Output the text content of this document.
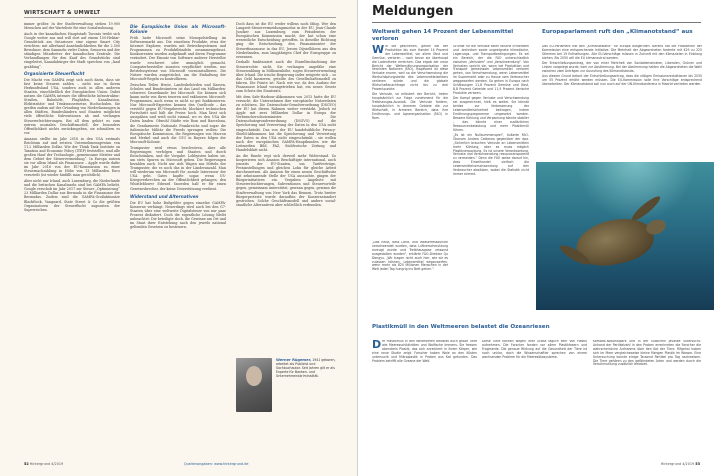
WIRTSCHAFT & UMWELT

immer größer. In der Stadtverwaltung stehen 19.900 Menschen auf der Warteliste für eine Sozialwohnung.

Auch in der kanadischen Hauptstadt Toronto treibt sich Google weiter aus und will dort auf einem 150-Hektar-Grundstück am Ontariosee eine eigene Smart City errichten: mit allerhand Annehmlichkeiten für die 2.500 Bewohner, dem Sammeln vieler Daten, Sensoren und der ständigen Mitarbeiter der kanadischen Zentrale. Die Verhandlungen für den Kauf des Grundstücks sind eingeleitet, Kanadabürger der Stadt sprechen von „land grabbing“.

Organisierte Steuerflucht

Die Macht von GAMFA zeigt sich auch darin, dass sie fast keine Steuern zahlen – nicht nur in ihrem Herkunftsland USA, sondern auch in allen anderen Staaten, einschließlich der Europäischen Union. Dabei nutzen die GAMFA intensiv die öffentliche Infrastruktur: Straßen, Bahnhöfe, Flughäfen, Kanalisation, Elektrizitäts- und Trinkwassernetze, Hochschulen. Sie greifen zudem auf der Gründung von Niederlassungen in allen Städten, Bundesländern und Staaten möglichst viele öffentliche Subventionen ab und verlangen Steuererleichterungen. Bei all dem gehört es zum extrem asozialen Geschäftsmodell, der besonders Öffentlichkeit nichts zurückzugeben, sie schmälern es vor.

Amazon stellte im Jahr 2018 in den USA erstmals Reichtum auf und setzten Unternehmensgewinn von 11,2 Milliarden Dollar. Wie der Think Tank Institute on Taxation and Economic Policy (ITEP) feststellte, sind alle großen Hauf der Technologie „gemeinsame Meister und dem Gebiet der Steuervermeidung“. In Europa nutzen sie vor allem Irland als Finanzoase – Apple wurde dafür im Jahr 2016 von der EU-Kommission zu einer Steuernachzahlung in Höhe von 13 Milliarden Euro verurteilt (ist wieder hinfällt man gerichtlich).

Aber nicht nur Irland, auch Luxemburg, die Niederlande und die britischen Kanalinseln sind bei GAMFA beliebt. Google verschob im Jahr 2017 zur Steuer „Optimierung“ 23 Milliarden Dollar aus Bermuda in die Finanzoase der Bermudas. Zudem sind die GAMFA-Großaktionäre BlackRock, Vanguard, State Street & Co die größten Organisatoren der Steuerflucht zugunsten der Superreichen.

Die Europäische Union als Microsoft-Kolonie

Früh hatte Microsoft seine Monopolstellung im Softwaremarkt aus. Die einzelnen Produkte, etwa der Internet Explorer, wurden mit Betriebssystemen und Programmen zu Produktbündeln zusammengefasst. Konkurrenten wurden aufgekauft und deren Programme verändert. Der Einsatz von Software anderer Hersteller wurde erschwert oder unmöglich gemacht. Computerhersteller mussten verpflichtet werden, nur Betriebssysteme von Microsoft vorzuinstallieren. Die Nutzer wurden ausgetrickst, um die Einhaltung der Microsoft-Regeln zu kontrollieren.

Zwischen Teilen Heute, Landesbehörden und Kassen, Schulen und Bundesämtern ist das Land ein Milliarden-schweres Dauerkunde bei Microsoft. Sie können sich kaum mehr von ihren teueren und exklusiven Microsoft-Programmen, auch wenn es nicht so gut funktionieren. Nur Microsoft-Experten kennen den Quellcode – das verstößt gegen EU-Vergaberecht, blockiert technischen Fortschritt und hält die Preise hoch. Man lässt sich ausspähen und weiß nicht einmal, wo es den USA die Daten landen. Obwohl Städte wie Rom und Barcelona, die Gendarmerie Nationale Frankreichs und sogar die italienische Militär die Freeds sprengen wollen: Die Europäische Kommission, die Regierungen von Macron und Merkel und auch die CSU in Bayern folgen der Microsoft-Kolonie.

Trumpuster wird etwas beschwören, aber alle Regierungen verfolgen und Staaten und durch Entschränken, und die Vorgabe. Lobbyisten haben sie, um stets Spuren zu Microsoft geben. Die Regierungen bezahlen auch. Nicht nur sieh Wagen aus Mitteln der Trumpuster, die es noch das in der Länderanzahl. Man will wiederum von Microsoft für ,soziale Interessen' der USA geht. Gates kaufte sogar, wenn US-Kriegsverbrechen an der Öffentlichkeit gelangen, den Whistleblower Edward Snowden half er für einen Gesetzesbrecher, der keine Unterstützung verdient.

Widerstand und Alternativen

Die EU hat hohe Bußgelder gegen einzelne GAMFA-Konzerne verhängt. Neuerdings wird auch bei den G7-Staaten über eine weltweite Digitalsteuer von nur paar Prozent diskutiert. Doch die eigentliche Lösung bleibt unbeachtet: Die beteiligte doch, die Gewinne am Ort und im Staat ihrer Entstehung nach den jeweils national geltenden Gesetzen zu besteuern.

Doch dass ist die EU weder willens noch fähig. Wer den Langzeit-Steuervermeidungsmodus in der EU, Jean-Claude Juncker aus Luxemburg, zum Präsidenten der Europäischen Kommission macht, der hat schon eine wesentliche Entscheidung getroffen. In dieselbe Richtung ging die Entscheidung, den Finanzminister der Steuerfinanzoase in das EU, Jeroen Dijsselbloem aus den Niederlanden, zum langjährigen Chef der Eurogruppe zu ernennen.

Deshalb funktioniert auch die Einzelbeobachtung der Steuerrechte nicht. Sie verlangen ungefähr eine Steuerzahlung in Millionenhöhe, sogen Steuerverwendung über Irland. Die irische Regierung indes weigerte sich – so das Geld kassieren, geteilte des Gesellschaftsmodell zu fahren. Die Pointe ist: Nach wie vor, da den Ausbau der Finanzoase Irland vorangetrieben hat, ein neues Gesetz zum Schutz des Staatsrats.

Mit dem Safe-Harbour-Abkommen von 2015 hatte die EU versucht, die Unternehmen ihre europäische Nutzerdaten zu schützen. Die Datenschutz-Grundverordnung (DSGVO) der EU hat diesen Rahmen weiter verstärkt. Jedoch ist Apple mit zwei Milliarden Dollar in Europa der Verbraucherschutzminister. Die Datenschutzgrundverordnung (DSGVO) auf die Speicherung und Verwertung der Daten in den USA nicht eingeschränkt. Das von der EU handelsübliche Privacy-Shield-Abkommen hat die Speicherung und Verwertung der Daten in den USA nicht eingeschränkt – sie wollen nach der europäischen GAMFA-Hauptkunden wie die Leitmedien Bild, FAZ, Süddeutsche Zeitung und Handelsblatt nicht.

An die Runde regt sich derweil mehr Widerstand. So kooperieren sich Amazon Beschäftigte international, auch jenseits der EU-Staaten, um Tarifverträge, Festanstellungen und gleichen Lohn für gleiche Arbeit durchzusetzen. Als Amazon für einen neuen Geschäftssitz mit zehntausende Stelle der USA aussuchte, gingen der Bürgerinitiativen ein. Vergaben Angebote mit Steuererleichterungen, Subventionen und Steuervorteile gegen, gemeinsam unterstützt, gewann gegen, gewann die Stadtverwaltung von New York das Rennen. Trotz breiter Bürgerproteste wurde daraufhin der Konzernstandort gestrichen. Solche Geschäftsmodell und andere sozial-staatliche Alternativen aber schließlich verbunden.

Werner Rügemer, 1941 geboren, arbeitet als Publizist und Sachbuchautor. Seit Jahren gilt er als Experte für Banken- und Unternehmenskriminalität.
52 Hintergrund 4/2019	Quellenangaben: www.hintergrund.de
Meldungen
Weltweit gehen 14 Prozent der Lebensmittel verloren

Wie die geschehen, gehen bei der Produktion bis zum Handel 14 Prozent der Lebensmittel, vor allem Obst und Gemüse, verloren – noch bevor sie überhaupt die Ladentheke erreichen. Das ergab der neue Bericht der Welternährungsorganisation der Vereinten Nationen (FAO). Insgesamt ist diese Verluste enorm, weil so die Verschwendung die Wertschöpfungskette des Lebensmittelsektors verlieren würde und die globale Wirtschaftsnachfrage nicht bis zu drei Prozentpunkte.

Die Verluste, so erläutert der Bericht, treten hauptsächlich zur Folge zunehmend für die Treibhausgas-Ausstoß. Die Verluste fordern, hauptsächlich in ärmeren Gebiete die zur Wirtschaft, in ärmeren Bereich, dass ihre Ernährungs- und Agrarorganisation (FAO) in Rom.

„Das heißt, dass Land- und Wasserressourcen verschwendet wurden, dass Luftverschmutzung erzeugt wurde und Treibhausgase umsonst ausgestoßen wurden“, erklärte FAO-Direktor Qu Dongyu. „Wir tragen nicht auch hier, wie wir es zulassen können, Lebensmittel wegzuwerfen, wenn mehr als 820 Millionen Menschen in der Welt jeden Tag hungrig ins Bett gehen.“

Gründe für die Verluste seien falsche Ernteraten und -techniken sowie ungeeignete klimatische, Lagerungs- und Transportbedingungen. Es sei ein Bereich, der die FAO unterschiedlich zwischen „Verlusten“ und „Verschwendung“. Von Verlusten spricht sie, wenn bei Produktion und Transport gemeinsam Lebensmittel verloren gehen, von Verschwendung, wenn Lebensmittel im Supermarkt oder zu Hause vom Verbraucher weggeworfen werden. So gehen in Europa nach Schätzungen 21,6 Prozent Gemüse und Obst, 8,8 Prozent Getreide und 11,9 Prozent tierische Produkte verloren.

Der Kampf gegen Verluste und Verschwendung sei ausgerechnet, hieß es weiter. Sie könnte beides zur Verbesserung der Lebensmittelsicherheit beitragen, indem Ernährungsprogramme umgesetzt werden. Bessere Kühlung und Verpackung könnte stabiler – das könnte einer zusätzlichen Ressourcenbelastung und mehr Plastikmüll führen.

„Es ist ein Nullsummenspiel“, äußerte FAO-Ökonom Andrea Cattaneo gegenüber der dpa. „Sicherlich brauchen Verluste an Lebensmitteln mehr Kühlung, aber es muss möglich Plastikverpackung. Es ist unsere Verantwortung, Verluste und Verschwendung ressourcensparend zu vermeiden.“ Denn die FAO weise darauf hin, dass Einzelhandel vielfach die Lebensmittelverschwendung auf den Verbraucher abwälzen, wobei die Statistik nicht immer stimmt.

Europaparlament ruft den „Klimanotstand“ aus

Das EU-Parlament hat den „Klimanotstand“ für Europa ausgerufen. Bereits hat die Präsidentin der Kommission eine entsprechende Initiative. Die Mehrheit der Abgeordneten forderte mit 429 zu 225 Stimmen bei 19 Enthaltungen. Alle EU-Vorschläge müssen in Zukunft mit den Klimazielen in Einklang stehen. Bis 2050 will die EU klimaneutral werden.

Der Entschließungsantrag, der von einer Mehrheit von Sozialdemokraten, Liberalen, Grünen und Linken vorgelegt wurde, kam zur Abstimmung. Bei der Abstimmung hatten die Abgeordneten die Wahl zwischen zwei Anträgen zur Ausrufung des Klimanotstands.

Aus diesem Grund betont der Entschließungsantrag, dass die nötigen Emissionsreduktionen bis 2030 um 55 Prozent erhöht werden müssen. Die EU-Kommission solle ihre Vorschläge entsprechend überarbeiten. Der Klimanotstand soll nun auch auf der UN-Klimakonferenz in Madrid vertreten werden.

Plastikmüll in den Weltmeeren belastet die Ozeanriesen

Der Plastikmüll in den Weltmeeren belastet auch große Tiere wie Meeresschildkröten und Walfische immens. Sie fressen obendrein Plastik, das sich anreichert in ihrem Körper, wie eine neue Studie zeigt. Forscher haben Wale an den Küsten untersucht und Mikroplastik in Proben aus Kot gefunden. Das Problem betrifft alle Ozeane der Welt.

Diese Tiere können wegen ihrer Größe täglich sehr viel Plastik aufnehmen. Die Forscher fanden vor allem Plastikfasern und Fragmente. Die genaue Wirkung auf die Gesundheit der Tiere ist noch unklar, doch die Wissenschaftler sprechen von einem wachsenden Problem für die Meeresökosysteme.

Komodo-Nationalpark und in der südlichen Javasee untersucht. Anhand der Partikelzahl in den Proben errechneten die Forscher die wahrscheinliche Aufnahme über den Kot der Tiere. Rifgehai haben sich im Meer vergleichsweise kleine Mengen Plastik im Wasser. Eine Untersuchung konnte einige Tausend Partikel pro Tag nachweisen. Die Tiere gehören zu den gefährdeten Arten und werden durch die Verschmutzung zusätzlich belastet.

Hintergrund 4/2019 53
